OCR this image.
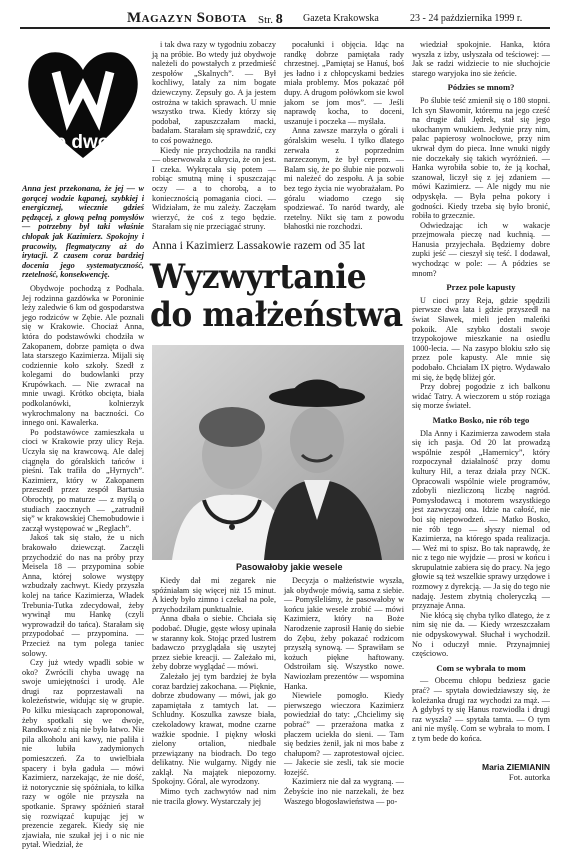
Magazyn Sobota Str. 8 Gazeta Krakowska	23 - 24 października 1999 r.
we dwoje

Anna jest przekonana, że jej — w gorącej wodzie kąpanej, szybkiej i energicznej, wiecznie gdzieś pędzącej, z głową pełną pomysłów — potrzebny był taki właśnie chłopak jak Kazimierz. Spokojny i pracowity, flegmatyczny aż do irytacji. Z czasem coraz bardziej docenia jego systematyczność, rzetelność, konsekwencję.

Obydwoje pochodzą z Podhala. Jej rodzinna gazdówka w Poroninie leży zaledwie 6 km od gospodarstwa jego rodziców w Zębie. Ale poznali się w Krakowie. Chociaż Anna, która do podstawówki chodziła w Zakopanem, dobrze pamięta o dwa lata starszego Kazimierza. Mijali się codziennie koło szkoły. Szedł z kolegami do budowlanki przy Krupówkach. — Nie zwracał na mnie uwagi. Krótko obcięta, biała podkolanówki, kolnierzyk wykrochmalony na baczności. Co innego oni. Kawalerka.

Po podstawówce zamieszkała u cioci w Krakowie przy ulicy Reja. Uczyła się na krawcową. Ale dalej ciągnęła do góralskich tańców i pieśni. Tak trafiła do „Hyrnych”. Kazimierz, który w Zakopanem przeszedł przez zespół Bartusia Obrochty, po maturze — z myślą o studiach zaocznych — „zatrudnił się” w krakowskiej Chemobudowie i zaczął występować w „Reglach”.

Jakoś tak się stało, że u nich brakowało dziewcząt. Zaczęli przychodzić do nas na próby przy Meisela 18 — przypomina sobie Anna, której solowe występy wzbudzały zachwyt. Kiedy przyszła kolej na tańce Kazimierza, Władek Trebunia-Tutka zdecydował, żeby wywinął mu Hankę (czyli wyprowadził do tańca). Starałam się przypodobać — przypomina. — Przecież na tym polega taniec solowy.

Czy już wtedy wpadli sobie w oko? Zwrócili chyba uwagę na swoje umiejętności i urodę. Ale drugi raz poprzestawali na koleżeństwie, widując się w grupie. Po kilku miesiącach zaproponował, żeby spotkali się we dwoje, Randkować z nią nie było łatwo. Nie pila alkoholu ani kawy, nie paliła i nie lubiła zadymionych pomieszczeń. Za to uwielbiała spacery i była gaduła — mówi Kazimierz, narzekając, że nie dość, iż notorycznie się spóźniała, to kilka razy w ogóle nie przyszła na spotkanie. Sprawy spóźnień starał się rozwiązać kupując jej w prezencie zegarek. Kiedy się nie zjawiała, nie szukał jej i o nic nie pytał. Wiedział, że

i tak dwa razy w tygodniu zobaczy ją na próbie. Bo wtedy już obydwoje należeli do powstałych z przedmieść zespołów „Skalnych”. — Był kochliwy, lataly za nim bogate dziewczyny. Zepsuły go. A ja jestem ostrożna w takich sprawach. U mnie wszystko trwa. Kiedy którzy się podobał, zapuszczałam macki, badałam. Starałam się sprawdzić, czy to coś poważnego.

Kiedy nie przychodziła na randki — obserwowała z ukrycia, że on jest. I czeka. Wykręcała się potem — robiąc smutną minę i spuszczając oczy — a to chorobą, a to koniecznością pomagania cioci. — Widziałam, że mu zależy. Zaczęłam wierzyć, że coś z tego będzie. Starałam się nie przeciągać struny.

pocałunki i objęcia. Idąc na randkę dobrze pamiętała rady chrzestnej. „Pamiętaj se Hanuś, boś jes ładno i z chłopcyskami bedzies miała problemy. Mos pokazać pół dupy. A drugom połówkom sie kwol jakom se jom mos”. — Jeśli naprawdę kocha, to doceni, uszanuje i poczeka — myślała.

Anna zawsze marzyła o górali i góralskim weselu. I tylko dlatego zerwała z poprzednim narzeczonym, że był ceprem. — Balam się, że po ślubie nie pozwoli mi należeć do zespołu. A ja sobie bez tego życia nie wyobrażałam. Po góralu wiadomo czego się spodziewać. To naród twardy, ale rzetelny. Nikt się tam z powodu błahostki nie rozchodzi.

Anna i Kazimierz Lassakowie razem od 35 lat
Wyzwyrtanie
do małżeństwa
Pasowałoby jakie wesele

Kiedy dał mi zegarek nie spóźniałam się więcej niż 15 minut. A kiedy było zimno i czekał na pole, przychodziłam punktualnie.

Anna dbała o siebie. Chciała się podobać. Długie, gęste włosy upinała w staranny kok. Stojąc przed lustrem badawczo przyglądała się uszytej przez siebie kreacji. — Zależało mi, żeby dobrze wyglądać — mówi.

Zależało jej tym bardziej że była coraz bardziej zakochana. — Pięknie, dobrze zbudowany — mówi, jak go zapamiętała z tamtych lat. — Schludny. Koszulka zawsze biała, czekoladowy krawat, modne czarne ważkie spodnie. I piękny włoski zielony ortalion, niedbale przewiązany na biodrach. Do tego delikatny. Nie wulgarny. Nigdy nie zaklął. Na majątek niepozorny. Spokojny. Góral, ale wyrodzony.

Mimo tych zachwytów nad nim nie tracila głowy. Wystarczały jej

Decyzja o małżeństwie wyszła, jak obydwoje mówią, sama z siebie. — Pomyśleliśmy, że pasowałoby w końcu jakie wesele zrobić — mówi Kazimierz, który na Boże Narodzenie zaprosił Hanię do siebie do Zębu, żeby pokazać rodzicom przyszłą synową. — Sprawiłam se kożuch piękne haftowany. Odstroiłam się. Wszystko nowe. Nawiozłam prezentów — wspomina Hanka.

Niewiele pomogło. Kiedy pierwszego wieczora Kazimierz powiedział do taty: „Chcielimy się pobrać” — przeraźona matka z płaczem uciekła do sieni. — Tam się bedzies żenił, jak ni mos babe z chałupom? — zaprotestował ojciec. — Jakecie sie zesli, tak sie mocie łozejść.

Kazimierz nie dał za wygraną. — Żebyście ino nie narzekali, że bez Waszego błogosławieństwa — po-

wiedział spokojnie. Hanka, która wyszła z izby, usłyszała od teściowej: — Jak se radzi widziecie to nie słuchojcie starego waryjoka ino sie żeńcie.

Pódzies se mnom?

Po ślubie teść zmienił się o 180 stopni. Ich syn Sławomir, któremu na jego cześć na drugie dali Jędrek, stał się jego ukochanym wnukiem. Jedynie przy nim, palac papierosy wolnocłowe, przy nim ukrwał dym do pieca. Inne wnuki nigdy nie doczekały się takich wyróżnień. — Hanka wyrobiła sobie to, że ją kochał, szanował, liczył się z jej zdaniem — mówi Kazimierz. — Ale nigdy mu nie odpyskęła. — Była pełna pokory i godności. Kiedy trzeba się było bronić, robiła to grzecznie.

Odwiedzając ich w wakacje przejmowała pieczę nad kuchnią. — Hanusia przyjechała. Będziemy dobre zupki jeść — cieszył się teść. I dodawał, wychodząc w pole: — A pódzies se mnom?

Przez pole kapusty

U cioci przy Reja, gdzie spędzili pierwsze dwa lata i gdzie przyszedł na świat Sławek, mieli jeden maleńki pokoik. Ale szybko dostali swoje trzypokojowe mieszkanie na osiedlu 1000-lecia. — Na zasypo blokiu szło się przez pole kapusty. Ale mnie się podobało. Chciałam IX piętro. Wydawało mi się, że będę bliżej gór.

Przy dobrej pogodzie z ich balkonu widać Tatry. A wieczorem u stóp roziąga się morze świateł.

Matko Bosko, nie rób tego

Dla Anny i Kazimierza zawodem stała się ich pasja. Od 20 lat prowadzą wspólnie zespół „Hamernicy”, który rozpoczynał działalność przy domu kultury Hil, a teraz działa przy NCK. Opracowali wspólnie wiele programów, zdobyli niezliczoną liczbę nagród. Pomysłodawcą i motorem wszystkiego jest zazwyczaj ona. Idzie na całość, nie boi się niepowodzeń. — Matko Bosko, nie rób tego — słyszy niemal od Kazimierza, na którego spada realizacja. — Weź mi to spisz. Bo tak naprawdę, że nic z tego nie wyjdzie — prosi w końcu i skrupulatnie zabiera się do pracy. Na jego głowie są też wszelkie sprawy urzędowe i rozmowy z dyrekcją. — Ja się do tego nie nadaję. Jestem zbytnią choleryczką — przyznaje Anna.

Nie kłócą się chyba tylko dlatego, że z nim się nie da. — Kiedy wrzeszczałam nie odpyskowywał. Słuchał i wychodził. No i oduczył mnie. Przynajmniej częściowo.

Com se wybrała to mom

— Obcemu chłopu bedziesz gacie prać? — spytała dowiedziawszy się, że koleżanka drugi raz wychodzi za mąż. — A gdybyś ty się Hanus rozwiodła i drugi raz wyszła? — spytała tamta. — O tym ani nie myślę. Com se wybrała to mom. I z tym bede do końca.

Maria ZIEMIANIN
Fot. autorka
